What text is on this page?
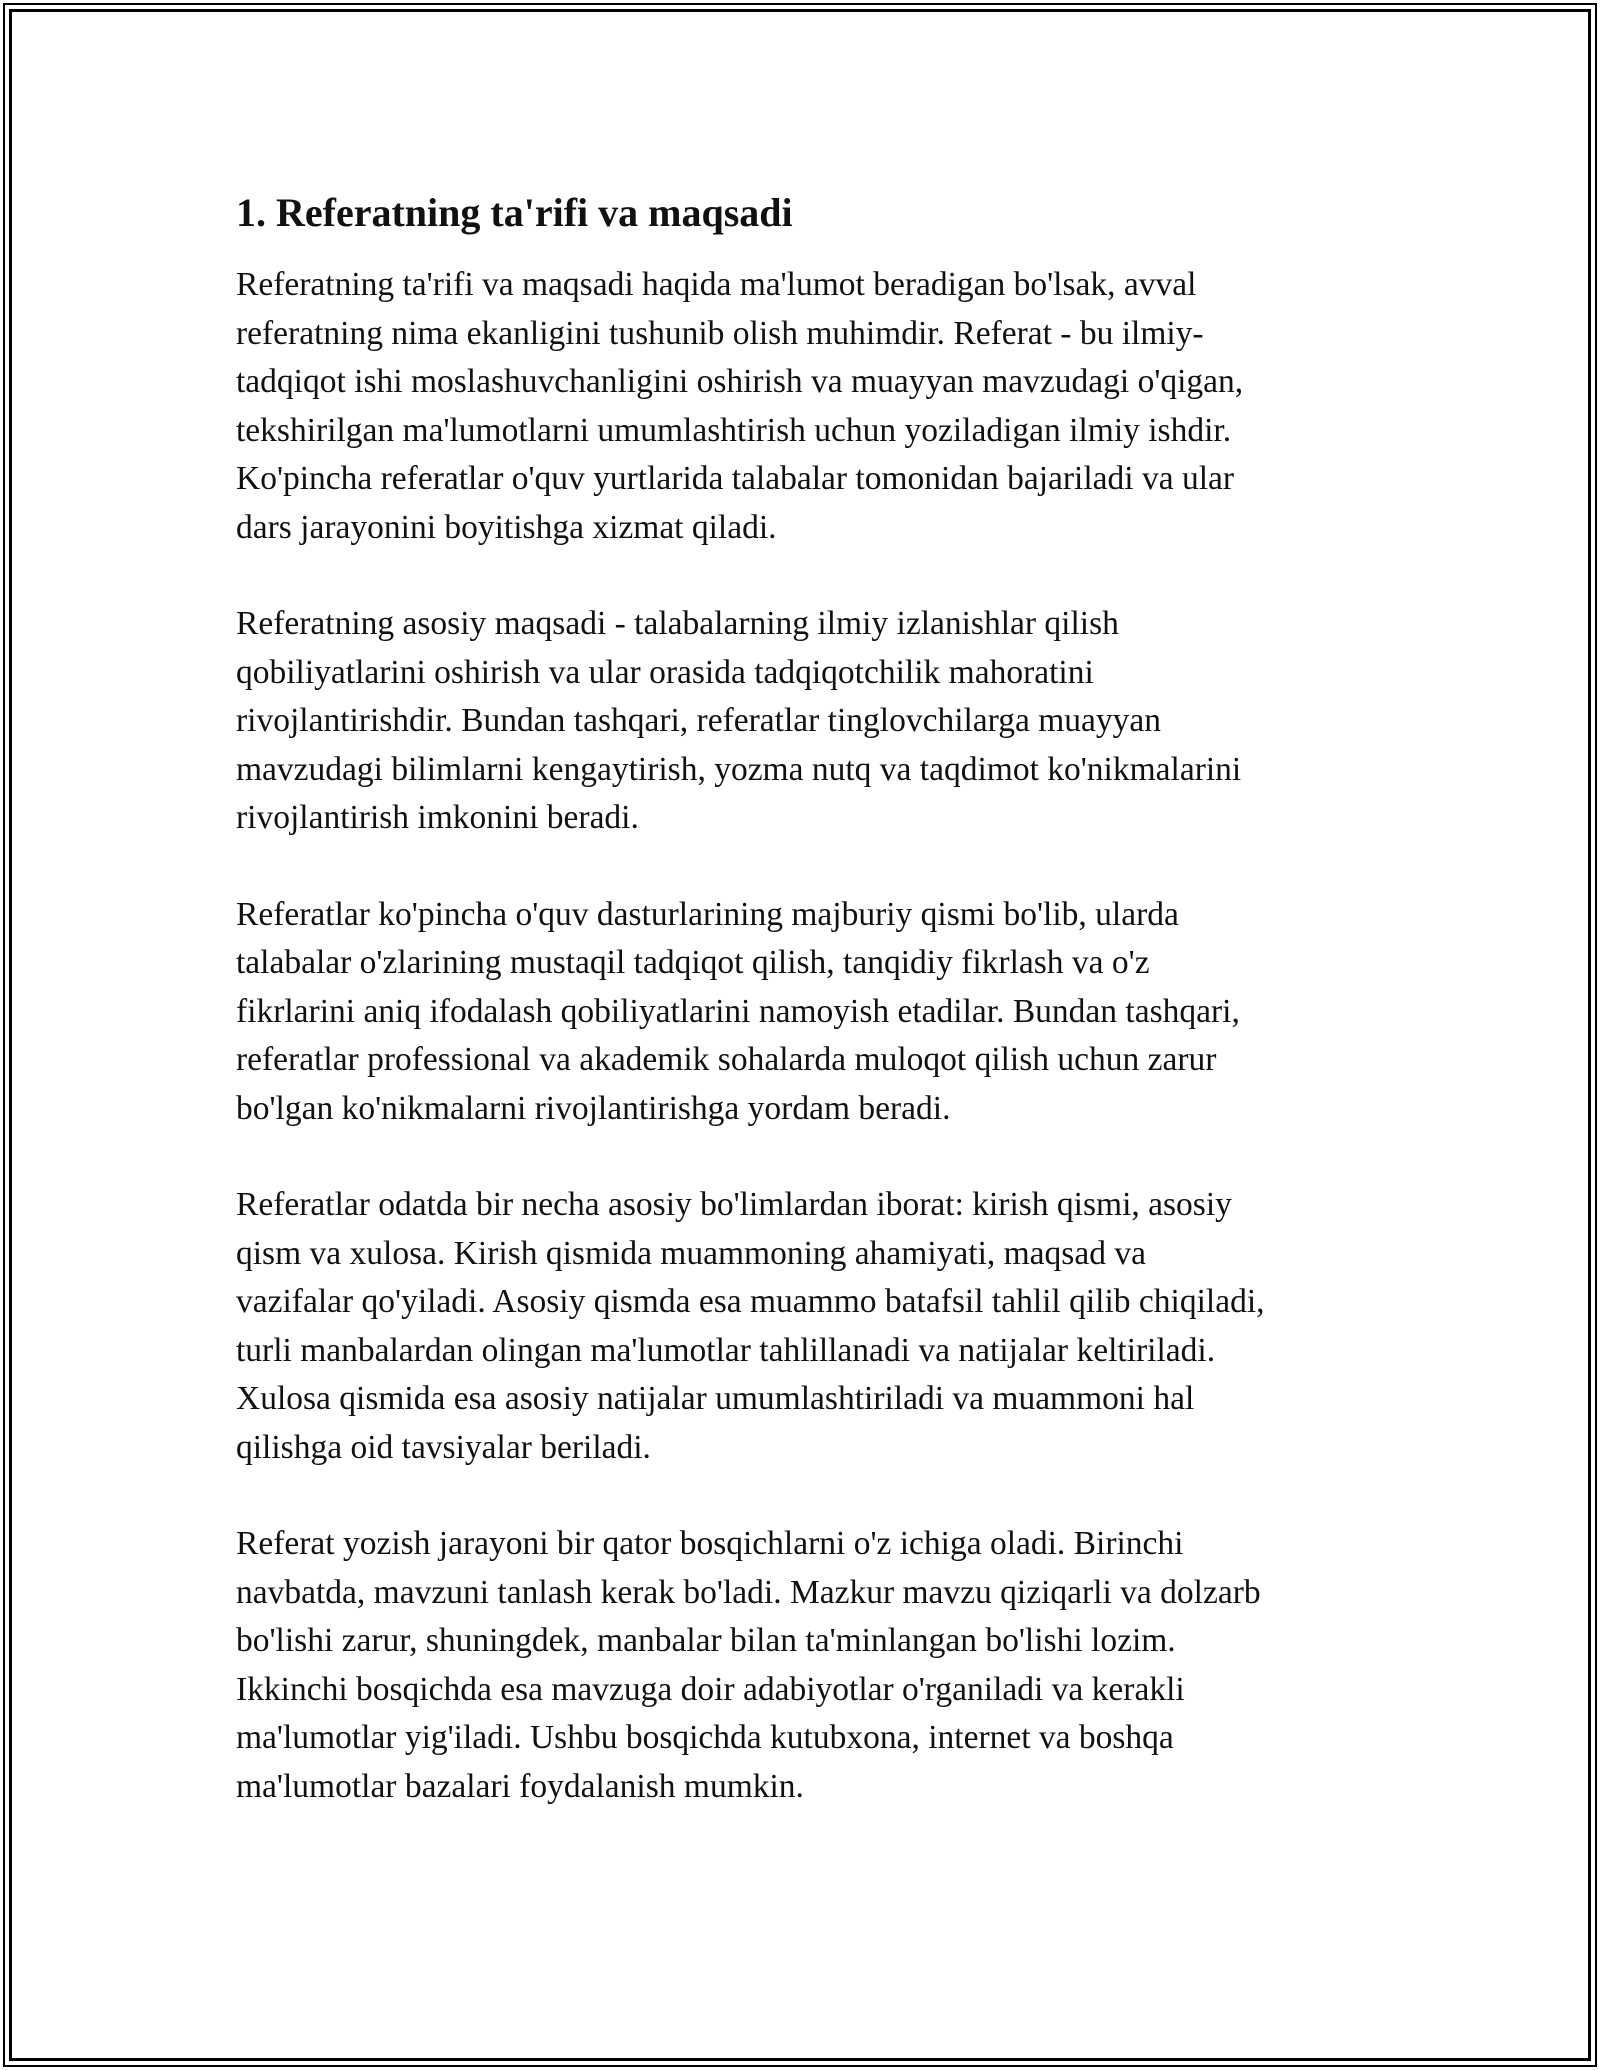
1. Referatning ta'rifi va maqsadi

Referatning ta'rifi va maqsadi haqida ma'lumot beradigan bo'lsak, avval
referatning nima ekanligini tushunib olish muhimdir. Referat - bu ilmiy-
tadqiqot ishi moslashuvchanligini oshirish va muayyan mavzudagi o'qigan,
tekshirilgan ma'lumotlarni umumlashtirish uchun yoziladigan ilmiy ishdir.
Ko'pincha referatlar o'quv yurtlarida talabalar tomonidan bajariladi va ular
dars jarayonini boyitishga xizmat qiladi.

Referatning asosiy maqsadi - talabalarning ilmiy izlanishlar qilish
qobiliyatlarini oshirish va ular orasida tadqiqotchilik mahoratini
rivojlantirishdir. Bundan tashqari, referatlar tinglovchilarga muayyan
mavzudagi bilimlarni kengaytirish, yozma nutq va taqdimot ko'nikmalarini
rivojlantirish imkonini beradi.

Referatlar ko'pincha o'quv dasturlarining majburiy qismi bo'lib, ularda
talabalar o'zlarining mustaqil tadqiqot qilish, tanqidiy fikrlash va o'z
fikrlarini aniq ifodalash qobiliyatlarini namoyish etadilar. Bundan tashqari,
referatlar professional va akademik sohalarda muloqot qilish uchun zarur
bo'lgan ko'nikmalarni rivojlantirishga yordam beradi.

Referatlar odatda bir necha asosiy bo'limlardan iborat: kirish qismi, asosiy
qism va xulosa. Kirish qismida muammoning ahamiyati, maqsad va
vazifalar qo'yiladi. Asosiy qismda esa muammo batafsil tahlil qilib chiqiladi,
turli manbalardan olingan ma'lumotlar tahlillanadi va natijalar keltiriladi.
Xulosa qismida esa asosiy natijalar umumlashtiriladi va muammoni hal
qilishga oid tavsiyalar beriladi.

Referat yozish jarayoni bir qator bosqichlarni o'z ichiga oladi. Birinchi
navbatda, mavzuni tanlash kerak bo'ladi. Mazkur mavzu qiziqarli va dolzarb
bo'lishi zarur, shuningdek, manbalar bilan ta'minlangan bo'lishi lozim.
Ikkinchi bosqichda esa mavzuga doir adabiyotlar o'rganiladi va kerakli
ma'lumotlar yig'iladi. Ushbu bosqichda kutubxona, internet va boshqa
ma'lumotlar bazalari foydalanish mumkin.
